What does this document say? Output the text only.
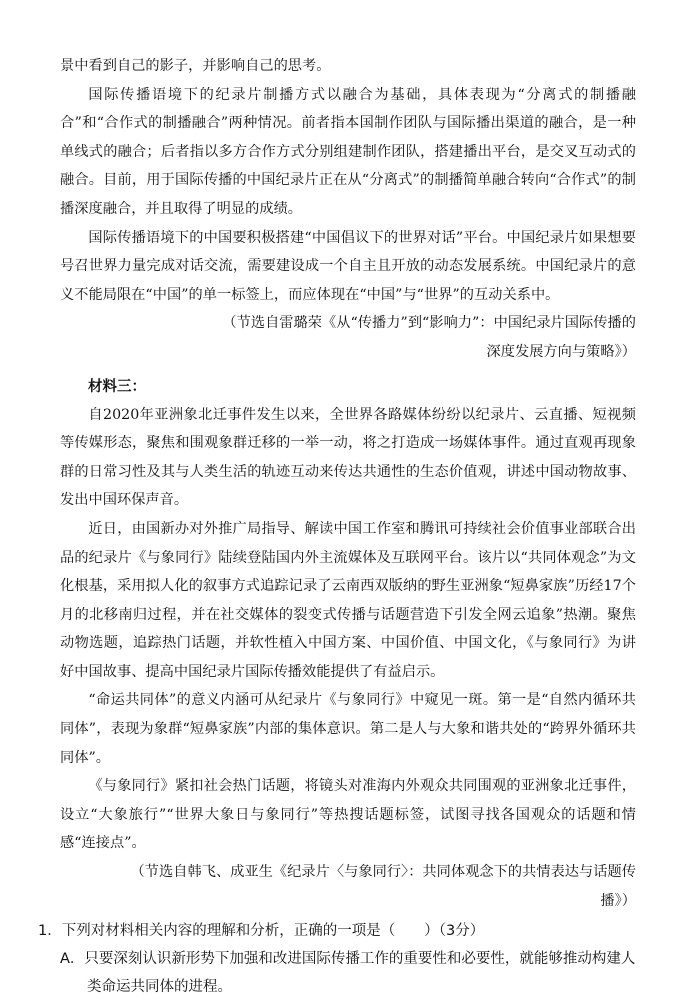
景中看到自己的影子，并影响自己的思考。

国际传播语境下的纪录片制播方式以融合为基础，具体表现为“分离式的制播融合”和“合作式的制播融合”两种情况。前者指本国制作团队与国际播出渠道的融合，是一种单线式的融合；后者指以多方合作方式分别组建制作团队，搭建播出平台，是交叉互动式的融合。目前，用于国际传播的中国纪录片正在从“分离式”的制播简单融合转向“合作式”的制播深度融合，并且取得了明显的成绩。

国际传播语境下的中国要积极搭建“中国倡议下的世界对话”平台。中国纪录片如果想要号召世界力量完成对话交流，需要建设成一个自主且开放的动态发展系统。中国纪录片的意义不能局限在“中国”的单一标签上，而应体现在“中国”与“世界”的互动关系中。

（节选自雷璐荣《从“传播力”到“影响力”：中国纪录片国际传播的

深度发展方向与策略》）

材料三：

自2020年亚洲象北迁事件发生以来，全世界各路媒体纷纷以纪录片、云直播、短视频等传媒形态，聚焦和围观象群迁移的一举一动，将之打造成一场媒体事件。通过直观再现象群的日常习性及其与人类生活的轨迹互动来传达共通性的生态价值观，讲述中国动物故事、发出中国环保声音。

近日，由国新办对外推广局指导、解读中国工作室和腾讯可持续社会价值事业部联合出品的纪录片《与象同行》陆续登陆国内外主流媒体及互联网平台。该片以“共同体观念”为文化根基，采用拟人化的叙事方式追踪记录了云南西双版纳的野生亚洲象“短鼻家族”历经17个月的北移南归过程，并在社交媒体的裂变式传播与话题营造下引发全网云追象”热潮。聚焦动物选题，追踪热门话题，并软性植入中国方案、中国价值、中国文化，《与象同行》为讲好中国故事、提高中国纪录片国际传播效能提供了有益启示。

“命运共同体”的意义内涵可从纪录片《与象同行》中窥见一斑。第一是“自然内循环共同体”，表现为象群“短鼻家族”内部的集体意识。第二是人与大象和谐共处的“跨界外循环共同体”。

《与象同行》紧扣社会热门话题，将镜头对准海内外观众共同围观的亚洲象北迁事件，设立“大象旅行”“世界大象日与象同行”等热搜话题标签，试图寻找各国观众的话题和情感“连接点”。

（节选自韩飞、成亚生《纪录片〈与象同行〉：共同体观念下的共情表达与话题传

播》）

1．下列对材料相关内容的理解和分析，正确的一项是（　　）（3分）

A．只要深刻认识新形势下加强和改进国际传播工作的重要性和必要性，就能够推动构建人类命运共同体的进程。
